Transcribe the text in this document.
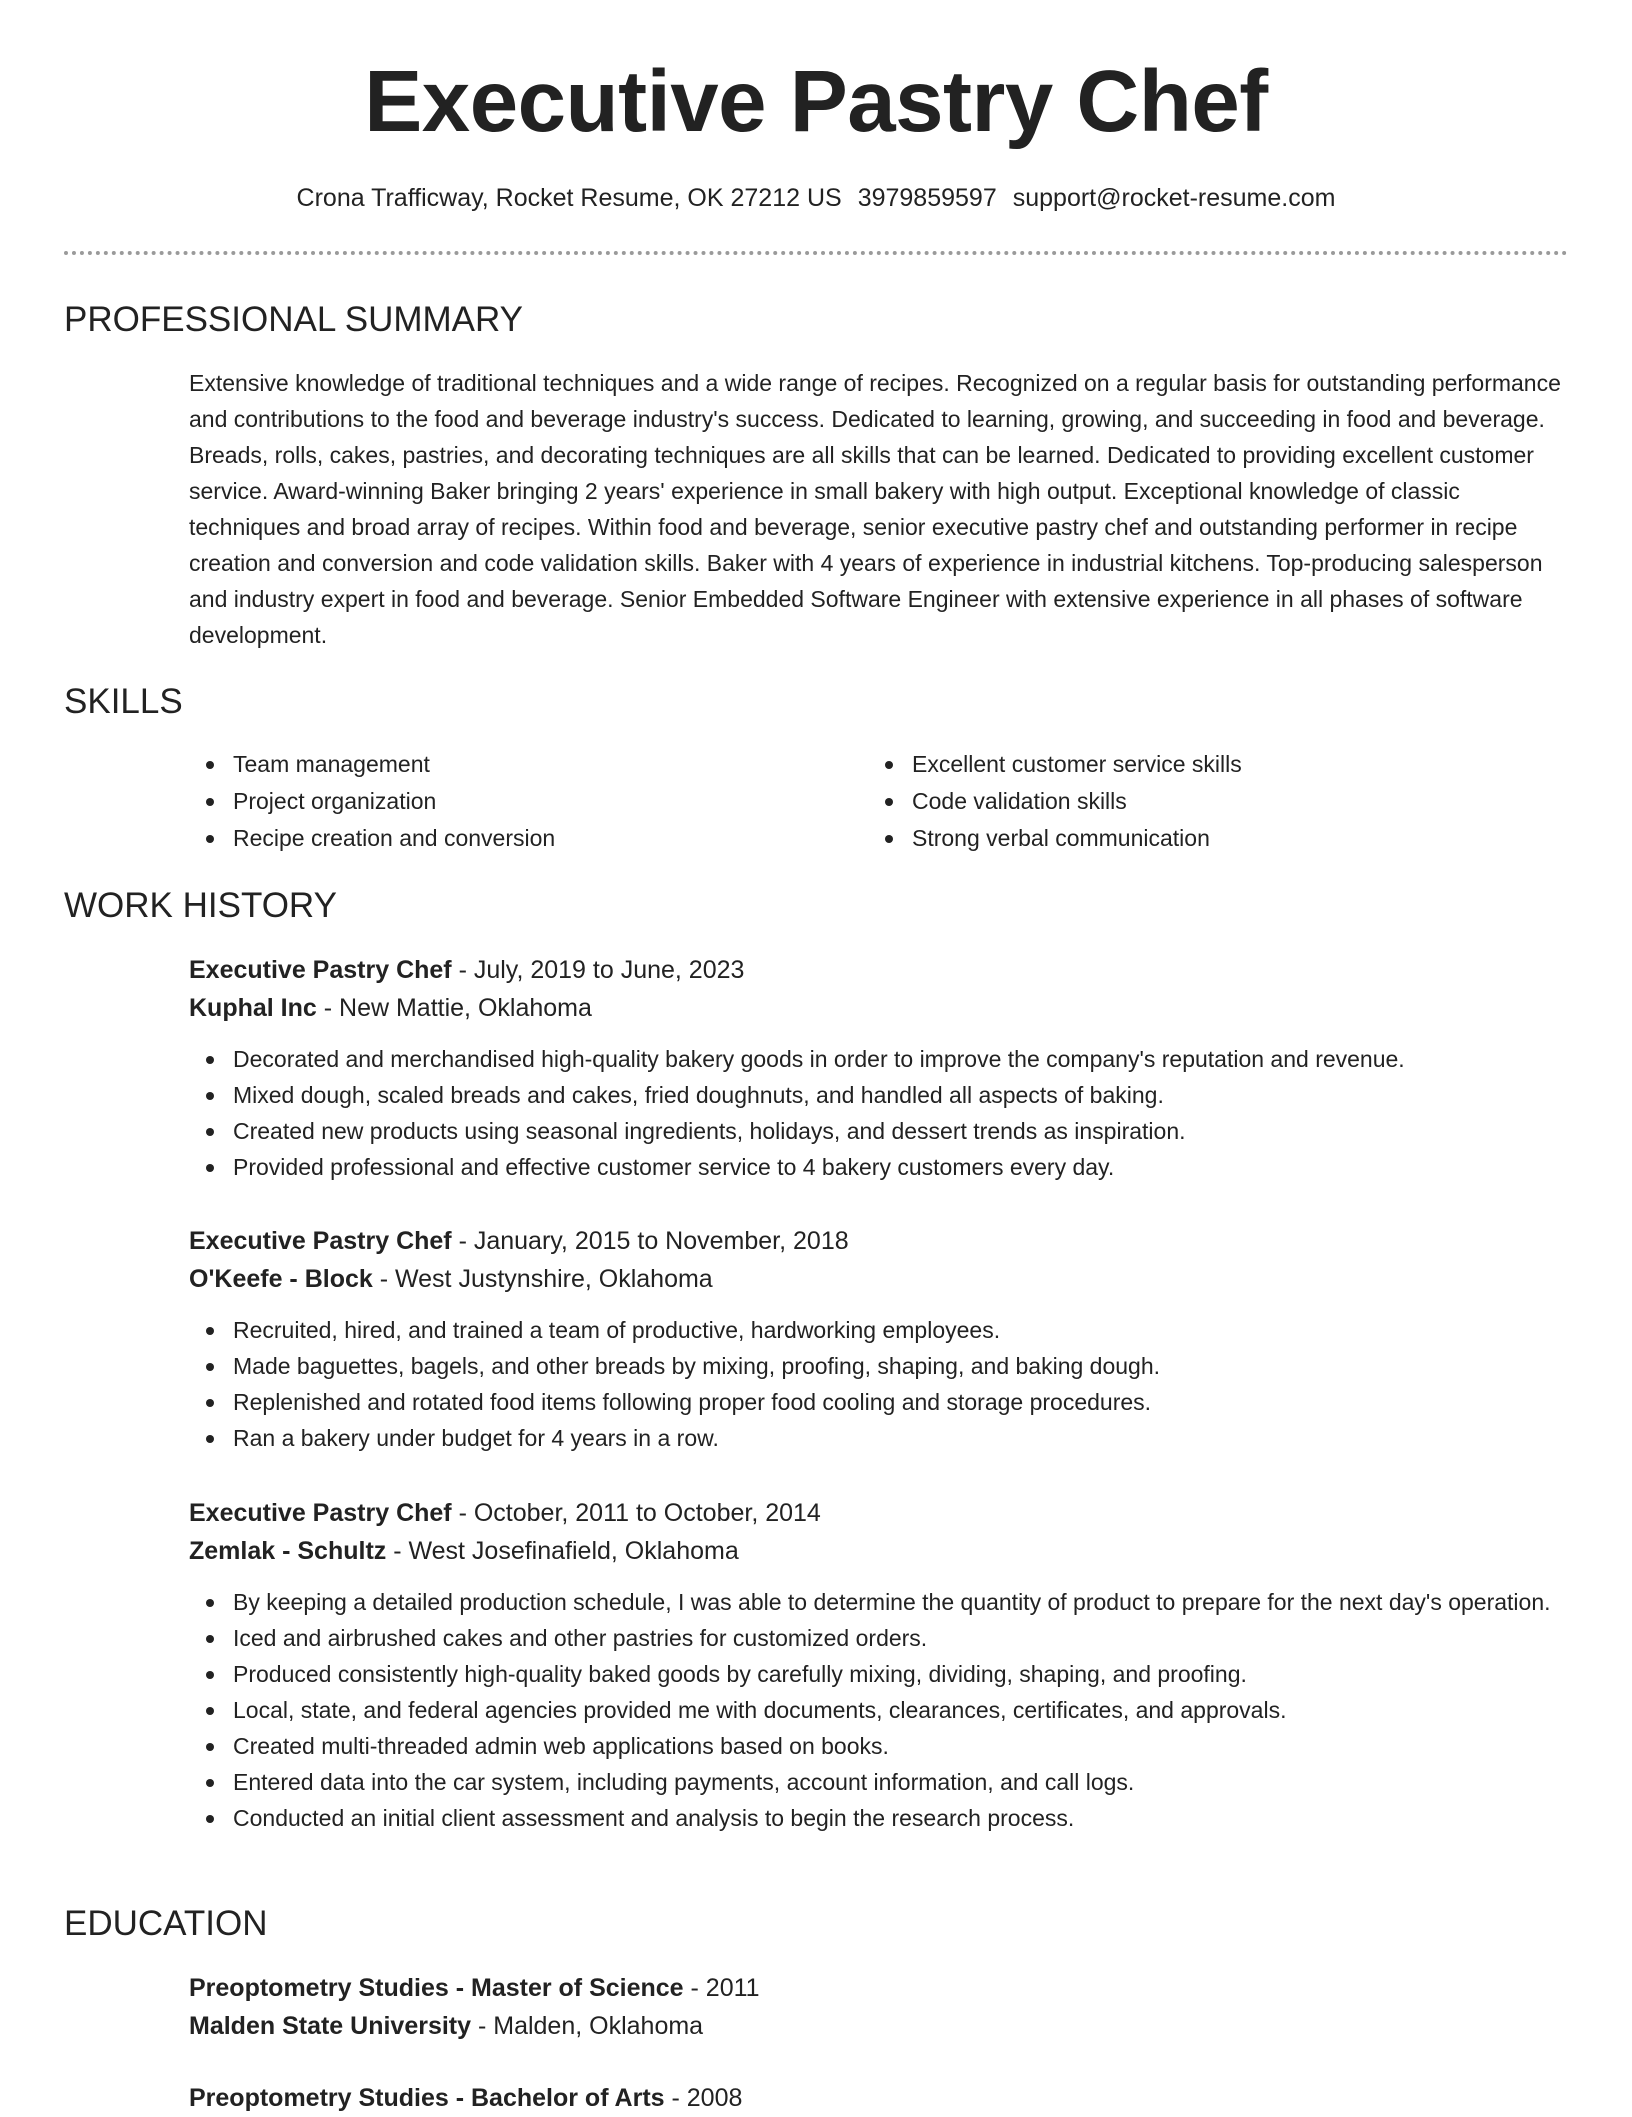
Executive Pastry Chef
Crona Trafficway, Rocket Resume, OK 27212 US 3979859597 support@rocket-resume.com
PROFESSIONAL SUMMARY

Extensive knowledge of traditional techniques and a wide range of recipes. Recognized on a regular basis for outstanding performance and contributions to the food and beverage industry's success. Dedicated to learning, growing, and succeeding in food and beverage. Breads, rolls, cakes, pastries, and decorating techniques are all skills that can be learned. Dedicated to providing excellent customer service. Award-winning Baker bringing 2 years' experience in small bakery with high output. Exceptional knowledge of classic techniques and broad array of recipes. Within food and beverage, senior executive pastry chef and outstanding performer in recipe creation and conversion and code validation skills. Baker with 4 years of experience in industrial kitchens. Top-producing salesperson and industry expert in food and beverage. Senior Embedded Software Engineer with extensive experience in all phases of software development.

SKILLS
Team management
Project organization
Recipe creation and conversion
Excellent customer service skills
Code validation skills
Strong verbal communication
WORK HISTORY
Executive Pastry Chef - July, 2019 to June, 2023
Kuphal Inc - New Mattie, Oklahoma
Decorated and merchandised high-quality bakery goods in order to improve the company's reputation and revenue.
Mixed dough, scaled breads and cakes, fried doughnuts, and handled all aspects of baking.
Created new products using seasonal ingredients, holidays, and dessert trends as inspiration.
Provided professional and effective customer service to 4 bakery customers every day.
Executive Pastry Chef - January, 2015 to November, 2018
O'Keefe - Block - West Justynshire, Oklahoma
Recruited, hired, and trained a team of productive, hardworking employees.
Made baguettes, bagels, and other breads by mixing, proofing, shaping, and baking dough.
Replenished and rotated food items following proper food cooling and storage procedures.
Ran a bakery under budget for 4 years in a row.
Executive Pastry Chef - October, 2011 to October, 2014
Zemlak - Schultz - West Josefinafield, Oklahoma
By keeping a detailed production schedule, I was able to determine the quantity of product to prepare for the next day's operation.
Iced and airbrushed cakes and other pastries for customized orders.
Produced consistently high-quality baked goods by carefully mixing, dividing, shaping, and proofing.
Local, state, and federal agencies provided me with documents, clearances, certificates, and approvals.
Created multi-threaded admin web applications based on books.
Entered data into the car system, including payments, account information, and call logs.
Conducted an initial client assessment and analysis to begin the research process.
EDUCATION
Preoptometry Studies - Master of Science - 2011
Malden State University - Malden, Oklahoma
Preoptometry Studies - Bachelor of Arts - 2008
